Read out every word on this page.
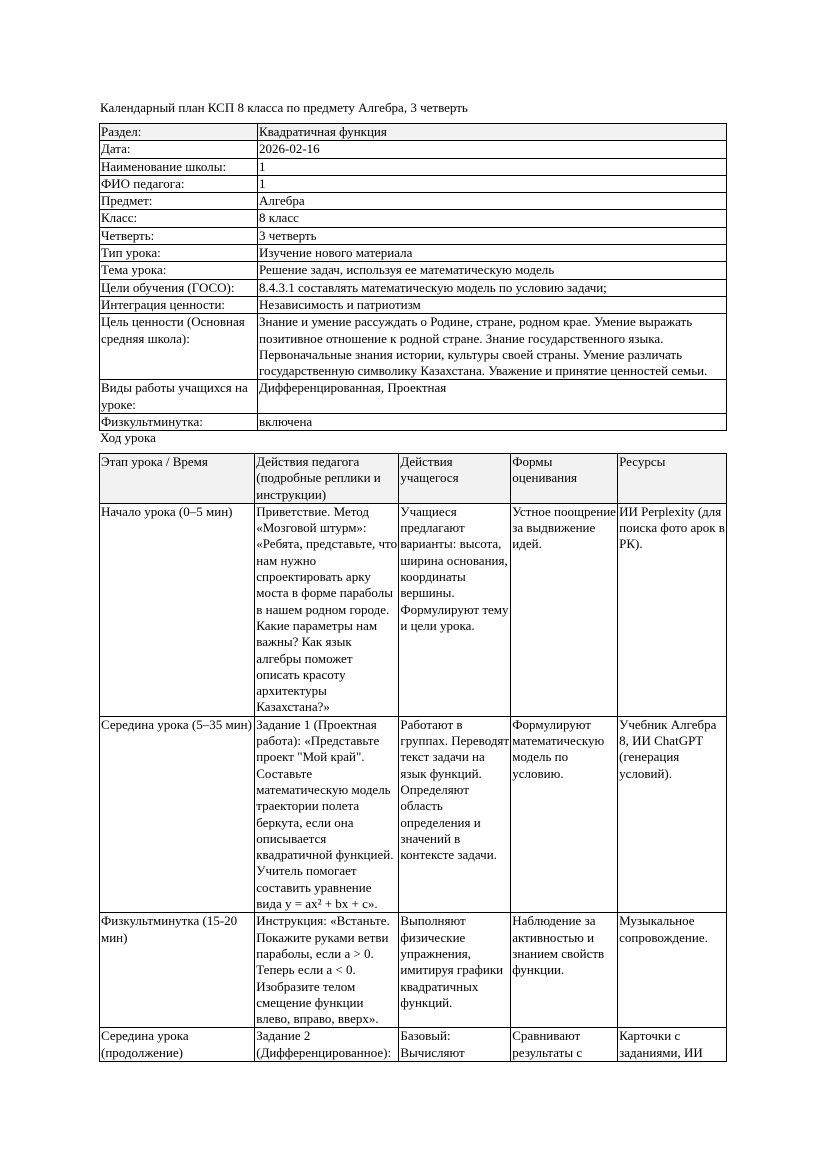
Календарный план КСП 8 класса по предмету Алгебра, 3 четверть
Раздел:	Квадратичная функция
Дата:	2026-02-16
Наименование школы:	1
ФИО педагога:	1
Предмет:	Алгебра
Класс:	8 класс
Четверть:	3 четверть
Тип урока:	Изучение нового материала
Тема урока:	Решение задач, используя ее математическую модель
Цели обучения (ГОСО):	8.4.3.1 составлять математическую модель по условию задачи;
Интеграция ценности:	Независимость и патриотизм
Цель ценности (Основная средняя школа):	Знание и умение рассуждать о Родине, стране, родном крае. Умение выражать позитивное отношение к родной стране. Знание государственного языка. Первоначальные знания истории, культуры своей страны. Умение различать государственную символику Казахстана. Уважение и принятие ценностей семьи.
Виды работы учащихся на уроке:	Дифференцированная, Проектная
Физкультминутка:	включена
Ход урока
Этап урока / Время	Действия педагога (подробные реплики и инструкции)	Действия учащегося	Формы оценивания	Ресурсы
Начало урока (0–5 мин)	Приветствие. Метод «Мозговой штурм»: «Ребята, представьте, что нам нужно спроектировать арку моста в форме параболы в нашем родном городе. Какие параметры нам важны? Как язык алгебры поможет описать красоту архитектуры Казахстана?»	Учащиеся предлагают варианты: высота, ширина основания, координаты вершины. Формулируют тему и цели урока.	Устное поощрение за выдвижение идей.	ИИ Perplexity (для поиска фото арок в РК).
Середина урока (5–35 мин)	Задание 1 (Проектная работа): «Представьте проект "Мой край". Составьте математическую модель траектории полета беркута, если она описывается квадратичной функцией. Учитель помогает составить уравнение вида y = ax² + bx + c».	Работают в группах. Переводят текст задачи на язык функций. Определяют область определения и значений в контексте задачи.	Формулируют математическую модель по условию.	Учебник Алгебра 8, ИИ ChatGPT (генерация условий).
Физкультминутка (15-20 мин)	Инструкция: «Встаньте. Покажите руками ветви параболы, если a > 0. Теперь если a < 0. Изобразите телом смещение функции влево, вправо, вверх».	Выполняют физические упражнения, имитируя графики квадратичных функций.	Наблюдение за активностью и знанием свойств функции.	Музыкальное сопровождение.
Середина урока (продолжение)	Задание 2 (Дифференцированное):	Базовый: Вычисляют	Сравнивают результаты с	Карточки с заданиями, ИИ
